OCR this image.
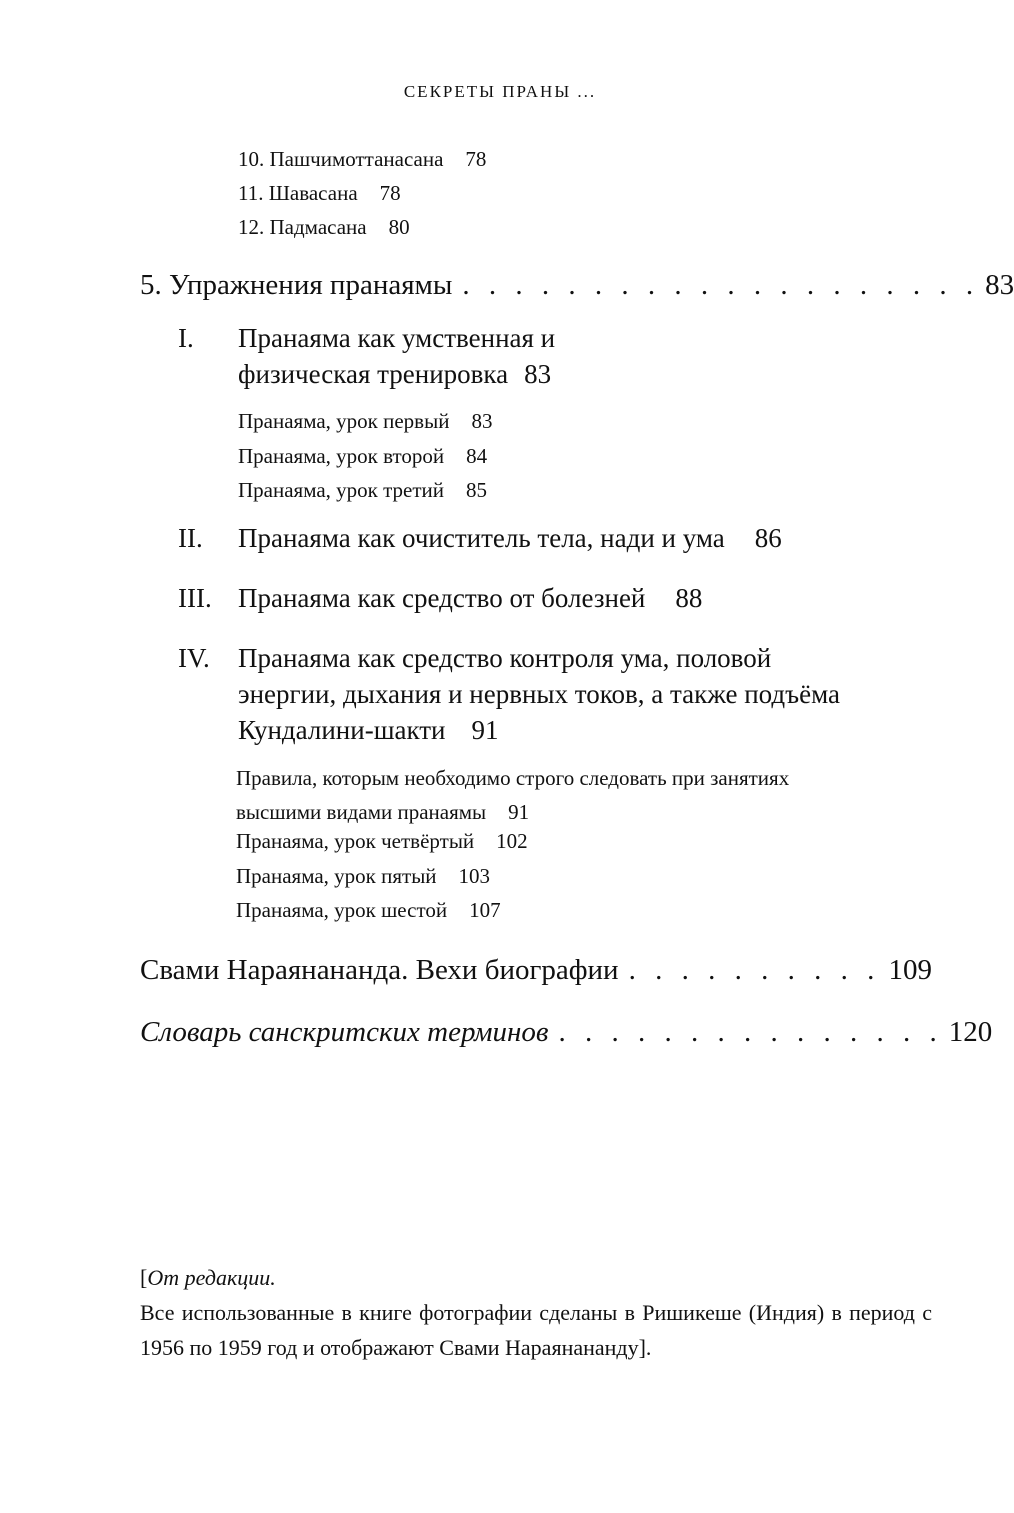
СЕКРЕТЫ ПРАНЫ ...
10. Пашчимоттанасана 78
11. Шавасана 78
12. Падмасана 80
5. Упражнения пранаямы . . . . . . . . . . . . . . . . . . . . 83
I. Пранаяма как умственная и
физическая тренировка 83
Пранаяма, урок первый 83
Пранаяма, урок второй 84
Пранаяма, урок третий 85
II. Пранаяма как очиститель тела, нади и ума 86
III. Пранаяма как средство от болезней 88
IV. Пранаяма как средство контроля ума, половой
энергии, дыхания и нервных токов, а также подъёма
Кундалини-шакти 91
Правила, которым необходимо строго следовать при занятиях
высшими видами пранаямы 91
Пранаяма, урок четвёртый 102
Пранаяма, урок пятый 103
Пранаяма, урок шестой 107
Свами Нараянананда. Вехи биографии . . . . . . . . . . 109
Словарь санскритских терминов . . . . . . . . . . . . . . . 120
[От редакции.
Все использованные в книге фотографии сделаны в Ришикеше (Индия) в период с 1956 по 1959 год и отображают Свами Нараянананду].
